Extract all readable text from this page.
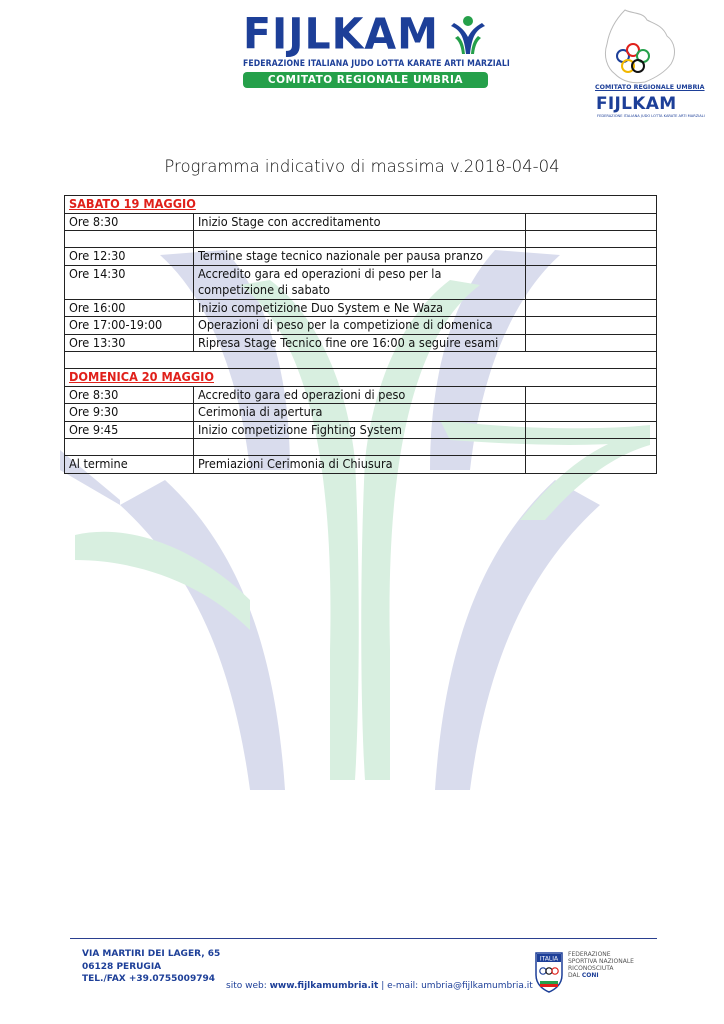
FIJLKAM
FEDERAZIONE ITALIANA JUDO LOTTA KARATE ARTI MARZIALI
COMITATO REGIONALE UMBRIA
COMITATO REGIONALE UMBRIA
FIJLKAM
FEDERAZIONE ITALIANA JUDO LOTTA KARATE ARTI MARZIALI
Programma indicativo di massima v.2018-04-04
SABATO 19 MAGGIO		
Ore 8:30	Inizio Stage con accreditamento	

Ore 12:30	Termine stage tecnico nazionale per pausa pranzo	
Ore 14:30	Accredito gara ed operazioni di peso per la competizione di sabato	
Ore 16:00	Inizio competizione Duo System e Ne Waza	
Ore 17:00-19:00	Operazioni di peso per la competizione di domenica	
Ore 13:30	Ripresa Stage Tecnico fine ore 16:00 a seguire esami	

DOMENICA 20 MAGGIO		
Ore 8:30	Accredito gara ed operazioni di peso	
Ore 9:30	Cerimonia di apertura	
Ore 9:45	Inizio competizione Fighting System	

Al termine	Premiazioni Cerimonia di Chiusura	
VIA MARTIRI DEI LAGER, 65
06128 PERUGIA
TEL./FAX +39.0755009794
sito web: www.fijlkamumbria.it | e-mail: umbria@fijlkamumbria.it
ITALIA
FEDERAZIONE
SPORTIVA NAZIONALE
RICONOSCIUTA
DAL CONI
